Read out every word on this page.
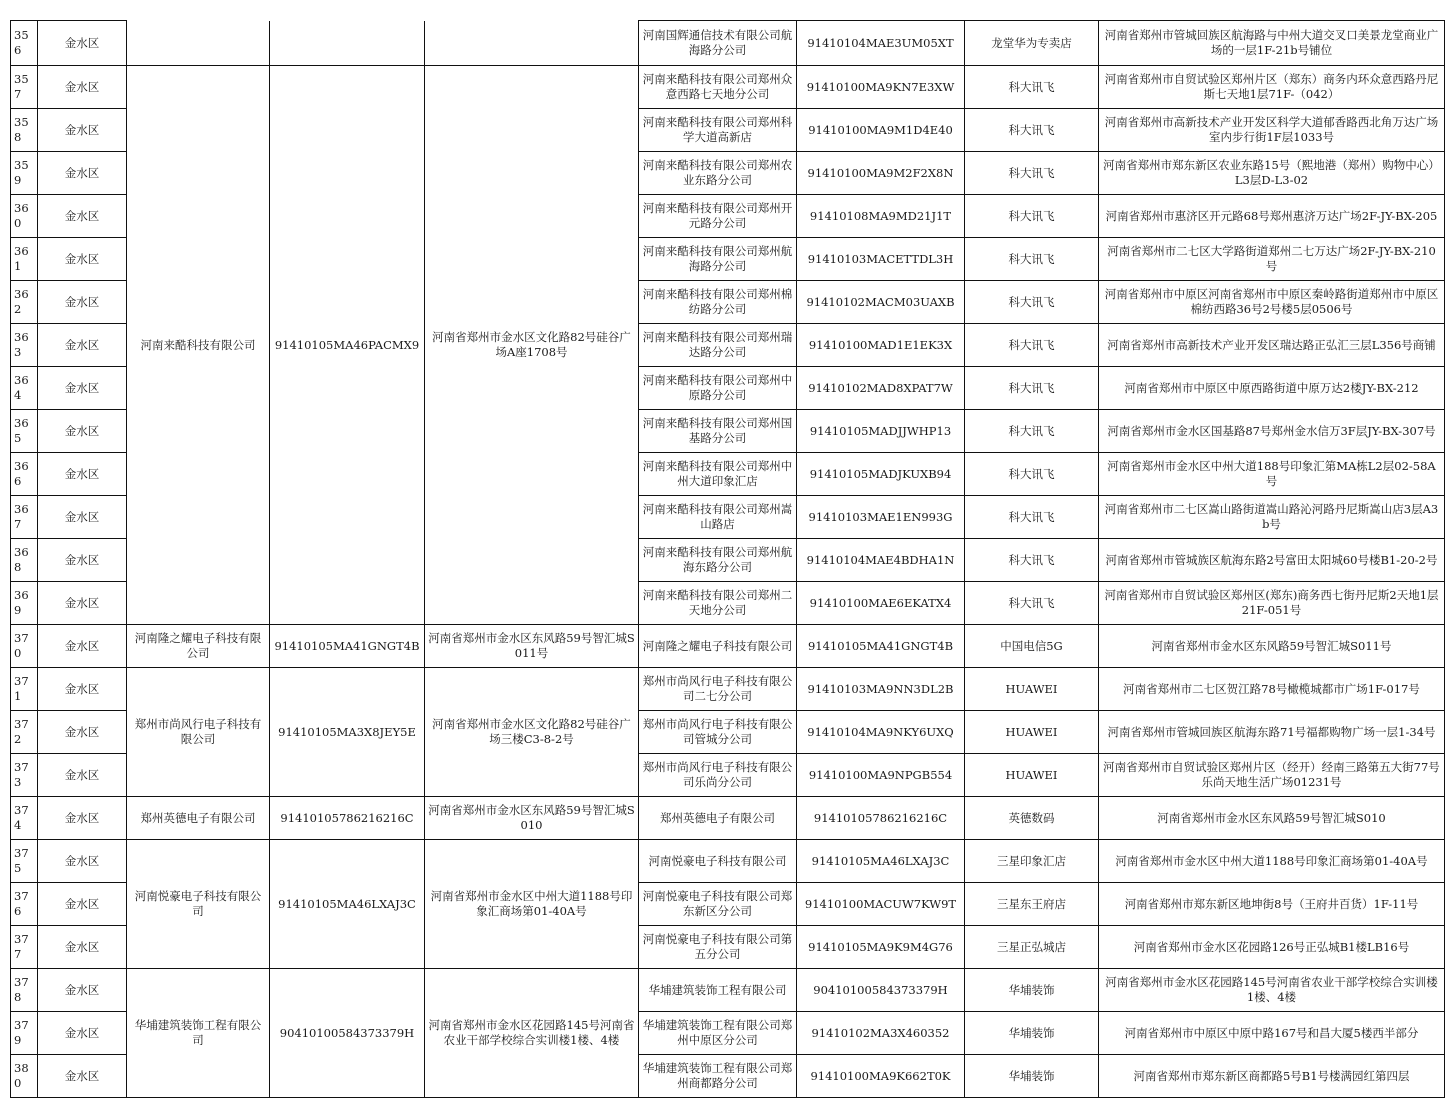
356	金水区				河南国辉通信技术有限公司航海路分公司	91410104MAE3UM05XT	龙堂华为专卖店	河南省郑州市管城回族区航海路与中州大道交叉口美景龙堂商业广场的一层1F-21b号铺位
357	金水区	河南来酷科技有限公司	91410105MA46PACMX9	河南省郑州市金水区文化路82号硅谷广场A座1708号	河南来酷科技有限公司郑州众意西路七天地分公司	91410100MA9KN7E3XW	科大讯飞	河南省郑州市自贸试验区郑州片区（郑东）商务内环众意西路丹尼斯七天地1层71F-（042）
358	金水区				河南来酷科技有限公司郑州科学大道高新店	91410100MA9M1D4E40	科大讯飞	河南省郑州市高新技术产业开发区科学大道郁香路西北角万达广场室内步行街1F层1033号
359	金水区				河南来酷科技有限公司郑州农业东路分公司	91410100MA9M2F2X8N	科大讯飞	河南省郑州市郑东新区农业东路15号（熙地港（郑州）购物中心）L3层D-L3-02
360	金水区				河南来酷科技有限公司郑州开元路分公司	91410108MA9MD21J1T	科大讯飞	河南省郑州市惠济区开元路68号郑州惠济万达广场2F-JY-BX-205
361	金水区				河南来酷科技有限公司郑州航海路分公司	91410103MACETTDL3H	科大讯飞	河南省郑州市二七区大学路街道郑州二七万达广场2F-JY-BX-210号
362	金水区				河南来酷科技有限公司郑州棉纺路分公司	91410102MACM03UAXB	科大讯飞	河南省郑州市中原区河南省郑州市中原区秦岭路街道郑州市中原区棉纺西路36号2号楼5层0506号
363	金水区				河南来酷科技有限公司郑州瑞达路分公司	91410100MAD1E1EK3X	科大讯飞	河南省郑州市高新技术产业开发区瑞达路正弘汇三层L356号商铺
364	金水区				河南来酷科技有限公司郑州中原路分公司	91410102MAD8XPAT7W	科大讯飞	河南省郑州市中原区中原西路街道中原万达2楼JY-BX-212
365	金水区				河南来酷科技有限公司郑州国基路分公司	91410105MADJJWHP13	科大讯飞	河南省郑州市金水区国基路87号郑州金水信万3F层JY-BX-307号
366	金水区				河南来酷科技有限公司郑州中州大道印象汇店	91410105MADJKUXB94	科大讯飞	河南省郑州市金水区中州大道188号印象汇第MA栋L2层02-58A号
367	金水区				河南来酷科技有限公司郑州嵩山路店	91410103MAE1EN993G	科大讯飞	河南省郑州市二七区嵩山路街道嵩山路沁河路丹尼斯嵩山店3层A3b号
368	金水区				河南来酷科技有限公司郑州航海东路分公司	91410104MAE4BDHA1N	科大讯飞	河南省郑州市管城族区航海东路2号富田太阳城60号楼B1-20-2号
369	金水区				河南来酷科技有限公司郑州二天地分公司	91410100MAE6EKATX4	科大讯飞	河南省郑州市自贸试验区郑州区(郑东)商务西七街丹尼斯2天地1层21F-051号
370	金水区	河南隆之耀电子科技有限公司	91410105MA41GNGT4B	河南省郑州市金水区东风路59号智汇城S011号	河南隆之耀电子科技有限公司	91410105MA41GNGT4B	中国电信5G	河南省郑州市金水区东风路59号智汇城S011号
371	金水区	郑州市尚风行电子科技有限公司	91410105MA3X8JEY5E	河南省郑州市金水区文化路82号硅谷广场三楼C3-8-2号	郑州市尚风行电子科技有限公司二七分公司	91410103MA9NN3DL2B	HUAWEI	河南省郑州市二七区贺江路78号橄榄城都市广场1F-017号
372	金水区				郑州市尚风行电子科技有限公司管城分公司	91410104MA9NKY6UXQ	HUAWEI	河南省郑州市管城回族区航海东路71号福都购物广场一层1-34号
373	金水区				郑州市尚风行电子科技有限公司乐尚分公司	91410100MA9NPGB554	HUAWEI	河南省郑州市自贸试验区郑州片区（经开）经南三路第五大街77号乐尚天地生活广场01231号
374	金水区	郑州英德电子有限公司	91410105786216216C	河南省郑州市金水区东风路59号智汇城S010	郑州英德电子有限公司	91410105786216216C	英德数码	河南省郑州市金水区东风路59号智汇城S010
375	金水区	河南悦豪电子科技有限公司	91410105MA46LXAJ3C	河南省郑州市金水区中州大道1188号印象汇商场第01-40A号	河南悦豪电子科技有限公司	91410105MA46LXAJ3C	三星印象汇店	河南省郑州市金水区中州大道1188号印象汇商场第01-40A号
376	金水区				河南悦豪电子科技有限公司郑东新区分公司	91410100MACUW7KW9T	三星东王府店	河南省郑州市郑东新区地坤街8号（王府井百货）1F-11号
377	金水区				河南悦豪电子科技有限公司第五分公司	91410105MA9K9M4G76	三星正弘城店	河南省郑州市金水区花园路126号正弘城B1楼LB16号
378	金水区	华埔建筑装饰工程有限公司	90410100584373379H	河南省郑州市金水区花园路145号河南省农业干部学校综合实训楼1楼、4楼	华埔建筑装饰工程有限公司	90410100584373379H	华埔装饰	河南省郑州市金水区花园路145号河南省农业干部学校综合实训楼1楼、4楼
379	金水区				华埔建筑装饰工程有限公司郑州中原区分公司	91410102MA3X460352	华埔装饰	河南省郑州市中原区中原中路167号和昌大厦5楼西半部分
380	金水区				华埔建筑装饰工程有限公司郑州商都路分公司	91410100MA9K662T0K	华埔装饰	河南省郑州市郑东新区商都路5号B1号楼满园红第四层
